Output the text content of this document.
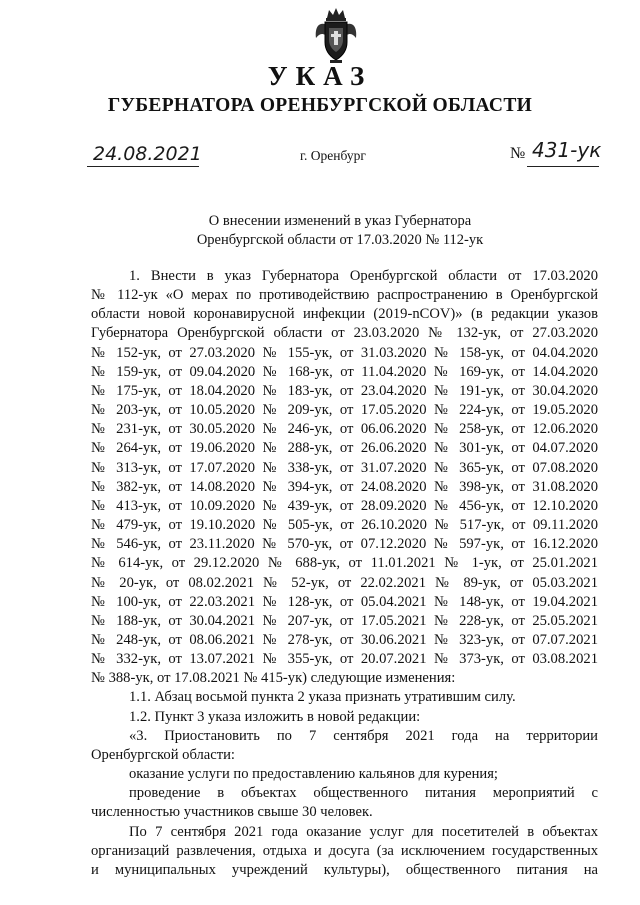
УКАЗ
ГУБЕРНАТОРА ОРЕНБУРГСКОЙ ОБЛАСТИ
24.08.2021	г. Оренбург	№ 431-ук
О внесении изменений в указ Губернатора
Оренбургской области от 17.03.2020 № 112-ук
1. Внести в указ Губернатора Оренбургской области от 17.03.2020
№ 112-ук «О мерах по противодействию распространению в Оренбургской
области новой коронавирусной инфекции (2019-nCOV)» (в редакции указов
Губернатора Оренбургской области от 23.03.2020 № 132-ук, от 27.03.2020
№ 152-ук, от 27.03.2020 № 155-ук, от 31.03.2020 № 158-ук, от 04.04.2020
№ 159-ук, от 09.04.2020 № 168-ук, от 11.04.2020 № 169-ук, от 14.04.2020
№ 175-ук, от 18.04.2020 № 183-ук, от 23.04.2020 № 191-ук, от 30.04.2020
№ 203-ук, от 10.05.2020 № 209-ук, от 17.05.2020 № 224-ук, от 19.05.2020
№ 231-ук, от 30.05.2020 № 246-ук, от 06.06.2020 № 258-ук, от 12.06.2020
№ 264-ук, от 19.06.2020 № 288-ук, от 26.06.2020 № 301-ук, от 04.07.2020
№ 313-ук, от 17.07.2020 № 338-ук, от 31.07.2020 № 365-ук, от 07.08.2020
№ 382-ук, от 14.08.2020 № 394-ук, от 24.08.2020 № 398-ук, от 31.08.2020
№ 413-ук, от 10.09.2020 № 439-ук, от 28.09.2020 № 456-ук, от 12.10.2020
№ 479-ук, от 19.10.2020 № 505-ук, от 26.10.2020 № 517-ук, от 09.11.2020
№ 546-ук, от 23.11.2020 № 570-ук, от 07.12.2020 № 597-ук, от 16.12.2020
№ 614-ук, от 29.12.2020 № 688-ук, от 11.01.2021 № 1-ук, от 25.01.2021
№ 20-ук, от 08.02.2021 № 52-ук, от 22.02.2021 № 89-ук, от 05.03.2021
№ 100-ук, от 22.03.2021 № 128-ук, от 05.04.2021 № 148-ук, от 19.04.2021
№ 188-ук, от 30.04.2021 № 207-ук, от 17.05.2021 № 228-ук, от 25.05.2021
№ 248-ук, от 08.06.2021 № 278-ук, от 30.06.2021 № 323-ук, от 07.07.2021
№ 332-ук, от 13.07.2021 № 355-ук, от 20.07.2021 № 373-ук, от 03.08.2021
№ 388-ук, от 17.08.2021 № 415-ук) следующие изменения:
1.1. Абзац восьмой пункта 2 указа признать утратившим силу.
1.2. Пункт 3 указа изложить в новой редакции:
«3. Приостановить по 7 сентября 2021 года на территории
Оренбургской области:
оказание услуги по предоставлению кальянов для курения;
проведение в объектах общественного питания мероприятий с
численностью участников свыше 30 человек.
По 7 сентября 2021 года оказание услуг для посетителей в объектах
организаций развлечения, отдыха и досуга (за исключением государственных
и муниципальных учреждений культуры), общественного питания на
